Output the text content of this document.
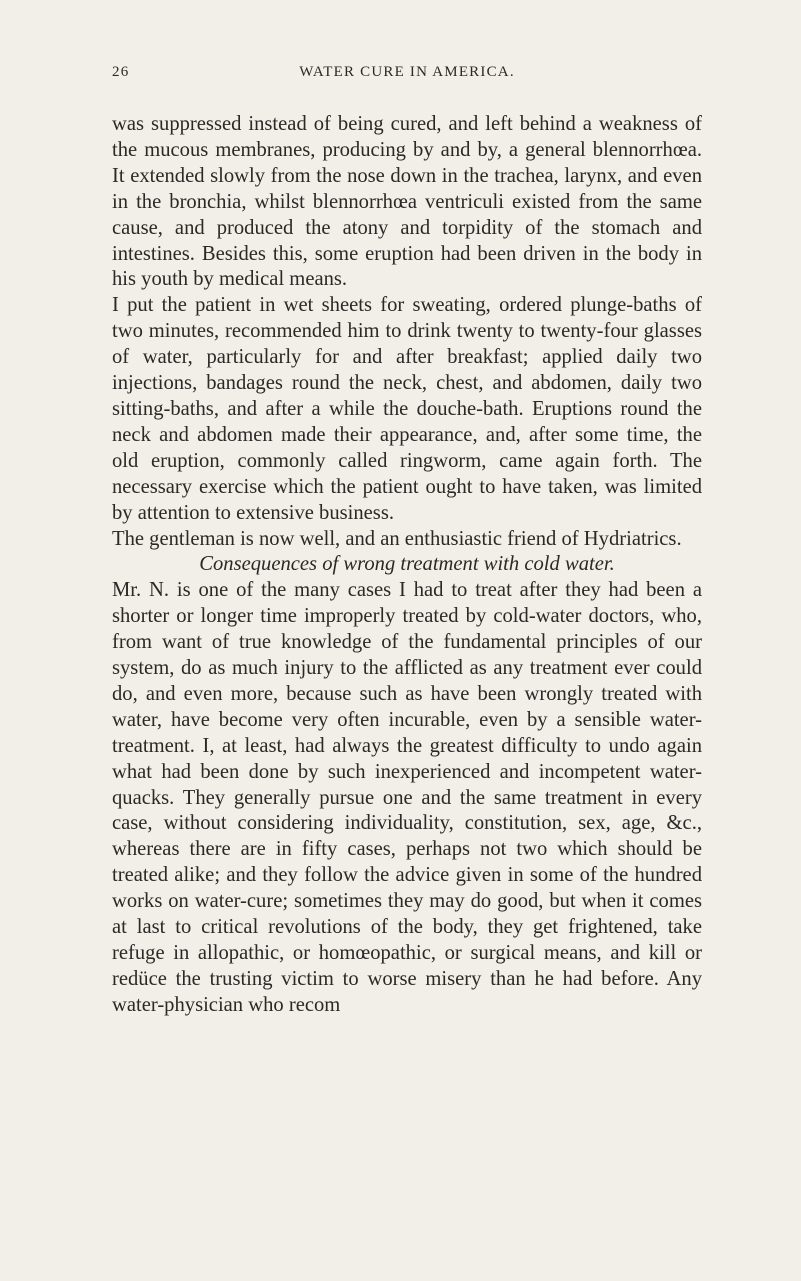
26	WATER CURE IN AMERICA.

was suppressed instead of being cured, and left behind a weakness of the mucous membranes, producing by and by, a general blennorrhœa. It extended slowly from the nose down in the trachea, larynx, and even in the bronchia, whilst blennorrhœa ventriculi existed from the same cause, and produced the atony and torpidity of the stomach and intestines. Besides this, some eruption had been driven in the body in his youth by medical means.

I put the patient in wet sheets for sweating, ordered plunge-baths of two minutes, recommended him to drink twenty to twenty-four glasses of water, particularly for and after breakfast; applied daily two injections, bandages round the neck, chest, and abdomen, daily two sitting-baths, and after a while the douche-bath. Eruptions round the neck and abdomen made their appearance, and, after some time, the old eruption, commonly called ringworm, came again forth. The necessary exercise which the patient ought to have taken, was limited by attention to extensive business.

The gentleman is now well, and an enthusiastic friend of Hydriatrics.

Consequences of wrong treatment with cold water.

Mr. N. is one of the many cases I had to treat after they had been a shorter or longer time improperly treated by cold-water doctors, who, from want of true knowledge of the fundamental principles of our system, do as much injury to the afflicted as any treatment ever could do, and even more, because such as have been wrongly treated with water, have become very often incurable, even by a sensible water-treatment. I, at least, had always the greatest difficulty to undo again what had been done by such inexperienced and incompetent water-quacks. They generally pursue one and the same treatment in every case, without considering individuality, constitution, sex, age, &c., whereas there are in fifty cases, perhaps not two which should be treated alike; and they follow the advice given in some of the hundred works on water-cure; sometimes they may do good, but when it comes at last to critical revolutions of the body, they get frightened, take refuge in allopathic, or homœopathic, or surgical means, and kill or redüce the trusting victim to worse misery than he had before. Any water-physician who recom
